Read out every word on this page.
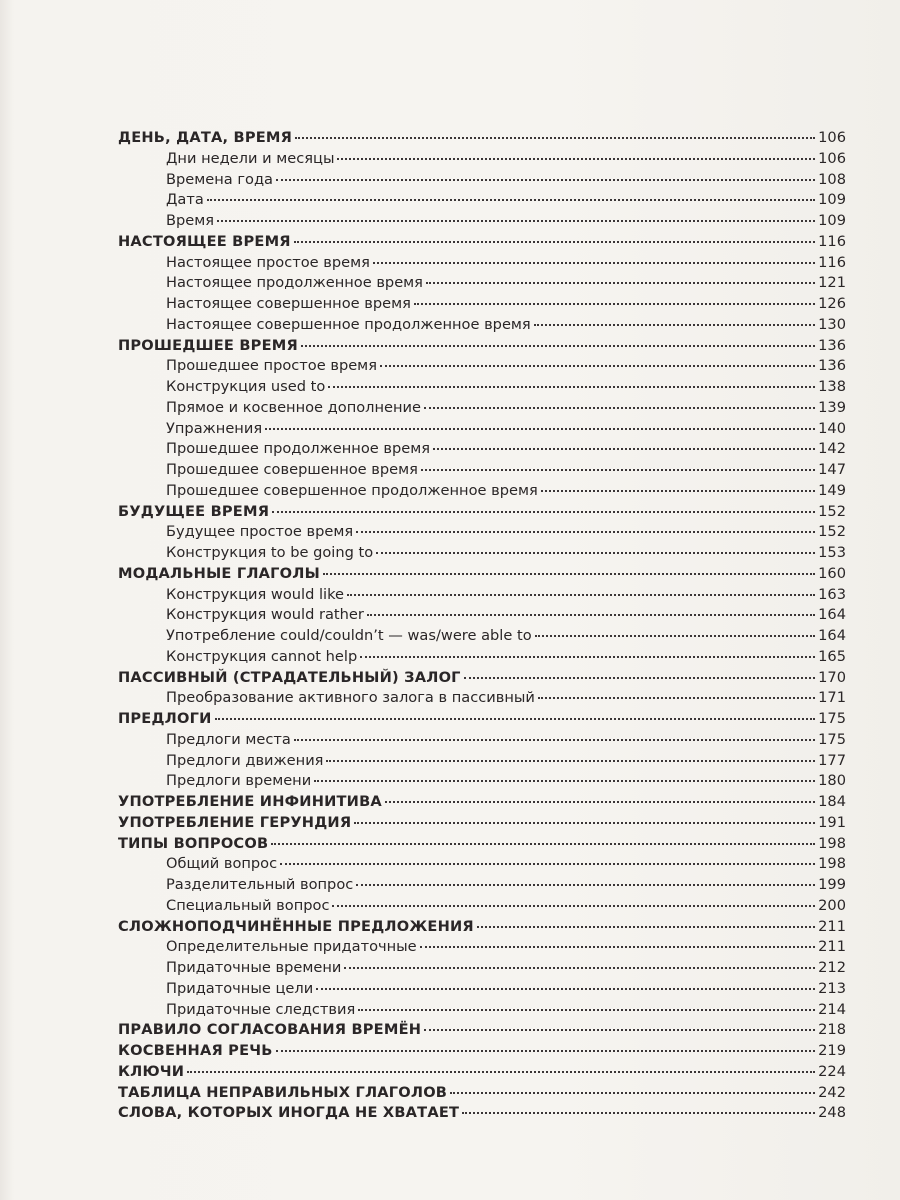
ДЕНЬ, ДАТА, ВРЕМЯ	106
Дни недели и месяцы	106
Времена года	108
Дата	109
Время	109
НАСТОЯЩЕЕ ВРЕМЯ	116
Настоящее простое время	116
Настоящее продолженное время	121
Настоящее совершенное время	126
Настоящее совершенное продолженное время	130
ПРОШЕДШЕЕ ВРЕМЯ	136
Прошедшее простое время	136
Конструкция used to	138
Прямое и косвенное дополнение	139
Упражнения	140
Прошедшее продолженное время	142
Прошедшее совершенное время	147
Прошедшее совершенное продолженное время	149
БУДУЩЕЕ ВРЕМЯ	152
Будущее простое время	152
Конструкция to be going to	153
МОДАЛЬНЫЕ ГЛАГОЛЫ	160
Конструкция would like	163
Конструкция would rather	164
Употребление could/couldn’t — was/were able to	164
Конструкция cannot help	165
ПАССИВНЫЙ (СТРАДАТЕЛЬНЫЙ) ЗАЛОГ	170
Преобразование активного залога в пассивный	171
ПРЕДЛОГИ	175
Предлоги места	175
Предлоги движения	177
Предлоги времени	180
УПОТРЕБЛЕНИЕ ИНФИНИТИВА	184
УПОТРЕБЛЕНИЕ ГЕРУНДИЯ	191
ТИПЫ ВОПРОСОВ	198
Общий вопрос	198
Разделительный вопрос	199
Специальный вопрос	200
СЛОЖНОПОДЧИНЁННЫЕ ПРЕДЛОЖЕНИЯ	211
Определительные придаточные	211
Придаточные времени	212
Придаточные цели	213
Придаточные следствия	214
ПРАВИЛО СОГЛАСОВАНИЯ ВРЕМЁН	218
КОСВЕННАЯ РЕЧЬ	219
КЛЮЧИ	224
ТАБЛИЦА НЕПРАВИЛЬНЫХ ГЛАГОЛОВ	242
СЛОВА, КОТОРЫХ ИНОГДА НЕ ХВАТАЕТ	248
